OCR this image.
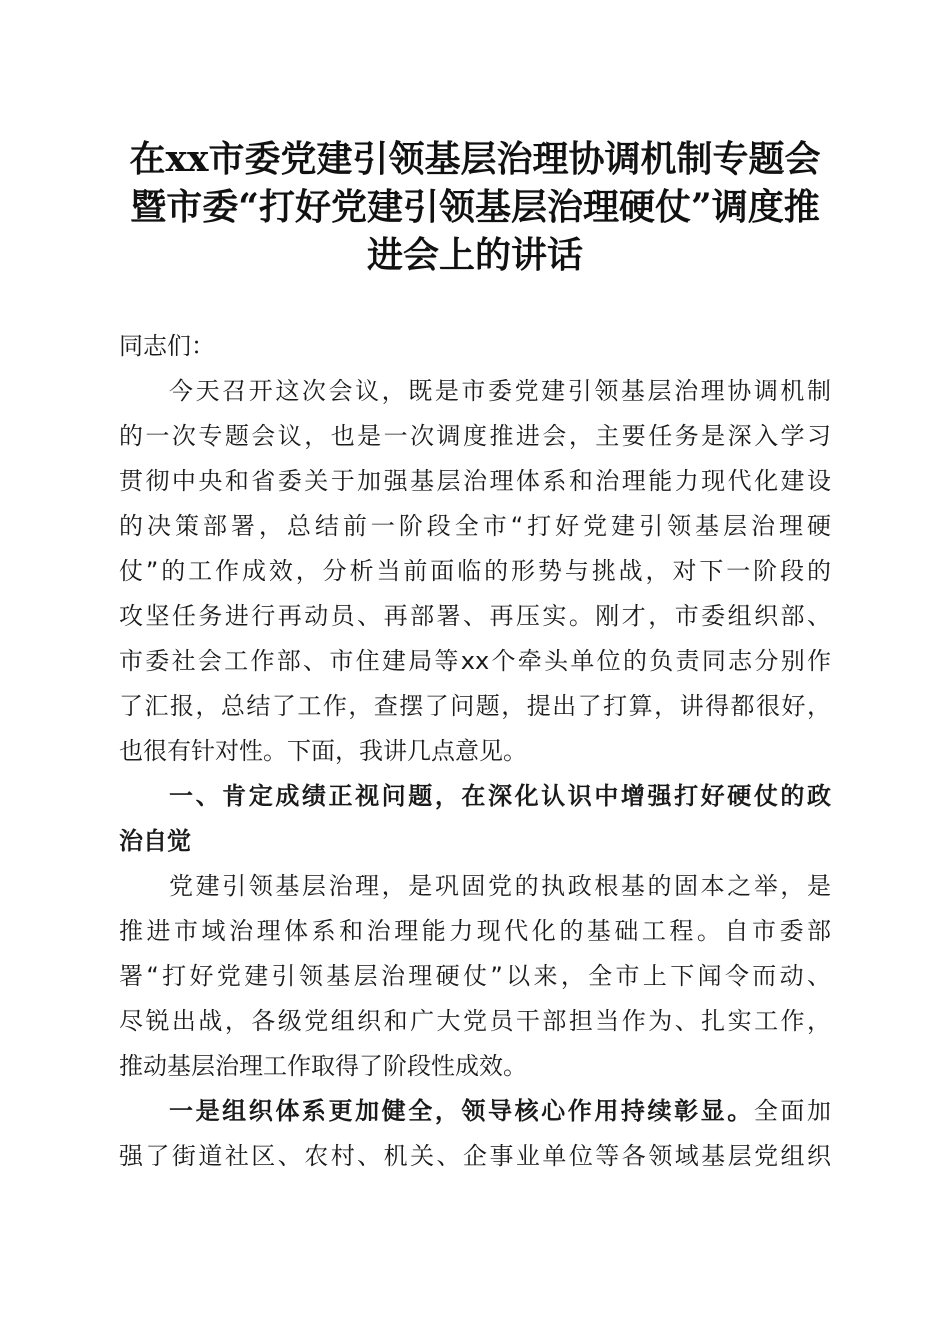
在xx市委党建引领基层治理协调机制专题会
暨市委“打好党建引领基层治理硬仗”调度推
进会上的讲话
同志们：
今天召开这次会议，既是市委党建引领基层治理协调机制
的一次专题会议，也是一次调度推进会，主要任务是深入学习
贯彻中央和省委关于加强基层治理体系和治理能力现代化建设
的决策部署，总结前一阶段全市“打好党建引领基层治理硬
仗”的工作成效，分析当前面临的形势与挑战，对下一阶段的
攻坚任务进行再动员、再部署、再压实。刚才，市委组织部、
市委社会工作部、市住建局等xx个牵头单位的负责同志分别作
了汇报，总结了工作，查摆了问题，提出了打算，讲得都很好，
也很有针对性。下面，我讲几点意见。
一、肯定成绩正视问题，在深化认识中增强打好硬仗的政
治自觉
党建引领基层治理，是巩固党的执政根基的固本之举，是
推进市域治理体系和治理能力现代化的基础工程。自市委部
署“打好党建引领基层治理硬仗”以来，全市上下闻令而动、
尽锐出战，各级党组织和广大党员干部担当作为、扎实工作，
推动基层治理工作取得了阶段性成效。
一是组织体系更加健全，领导核心作用持续彰显。全面加
强了街道社区、农村、机关、企事业单位等各领域基层党组织
